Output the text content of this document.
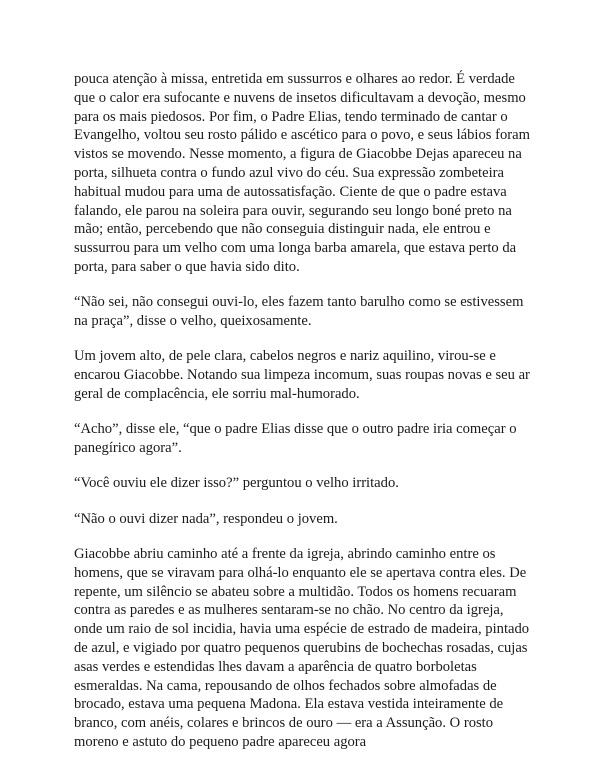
pouca atenção à missa, entretida em sussurros e olhares ao redor. É verdade que o calor era sufocante e nuvens de insetos dificultavam a devoção, mesmo para os mais piedosos. Por fim, o Padre Elias, tendo terminado de cantar o Evangelho, voltou seu rosto pálido e ascético para o povo, e seus lábios foram vistos se movendo. Nesse momento, a figura de Giacobbe Dejas apareceu na porta, silhueta contra o fundo azul vivo do céu. Sua expressão zombeteira habitual mudou para uma de autossatisfação. Ciente de que o padre estava falando, ele parou na soleira para ouvir, segurando seu longo boné preto na mão; então, percebendo que não conseguia distinguir nada, ele entrou e sussurrou para um velho com uma longa barba amarela, que estava perto da porta, para saber o que havia sido dito.

“Não sei, não consegui ouvi-lo, eles fazem tanto barulho como se estivessem na praça”, disse o velho, queixosamente.

Um jovem alto, de pele clara, cabelos negros e nariz aquilino, virou-se e encarou Giacobbe. Notando sua limpeza incomum, suas roupas novas e seu ar geral de complacência, ele sorriu mal-humorado.

“Acho”, disse ele, “que o padre Elias disse que o outro padre iria começar o panegírico agora”.

“Você ouviu ele dizer isso?” perguntou o velho irritado.

“Não o ouvi dizer nada”, respondeu o jovem.

Giacobbe abriu caminho até a frente da igreja, abrindo caminho entre os homens, que se viravam para olhá-lo enquanto ele se apertava contra eles. De repente, um silêncio se abateu sobre a multidão. Todos os homens recuaram contra as paredes e as mulheres sentaram-se no chão. No centro da igreja, onde um raio de sol incidia, havia uma espécie de estrado de madeira, pintado de azul, e vigiado por quatro pequenos querubins de bochechas rosadas, cujas asas verdes e estendidas lhes davam a aparência de quatro borboletas esmeraldas. Na cama, repousando de olhos fechados sobre almofadas de brocado, estava uma pequena Madona. Ela estava vestida inteiramente de branco, com anéis, colares e brincos de ouro — era a Assunção. O rosto moreno e astuto do pequeno padre apareceu agora
